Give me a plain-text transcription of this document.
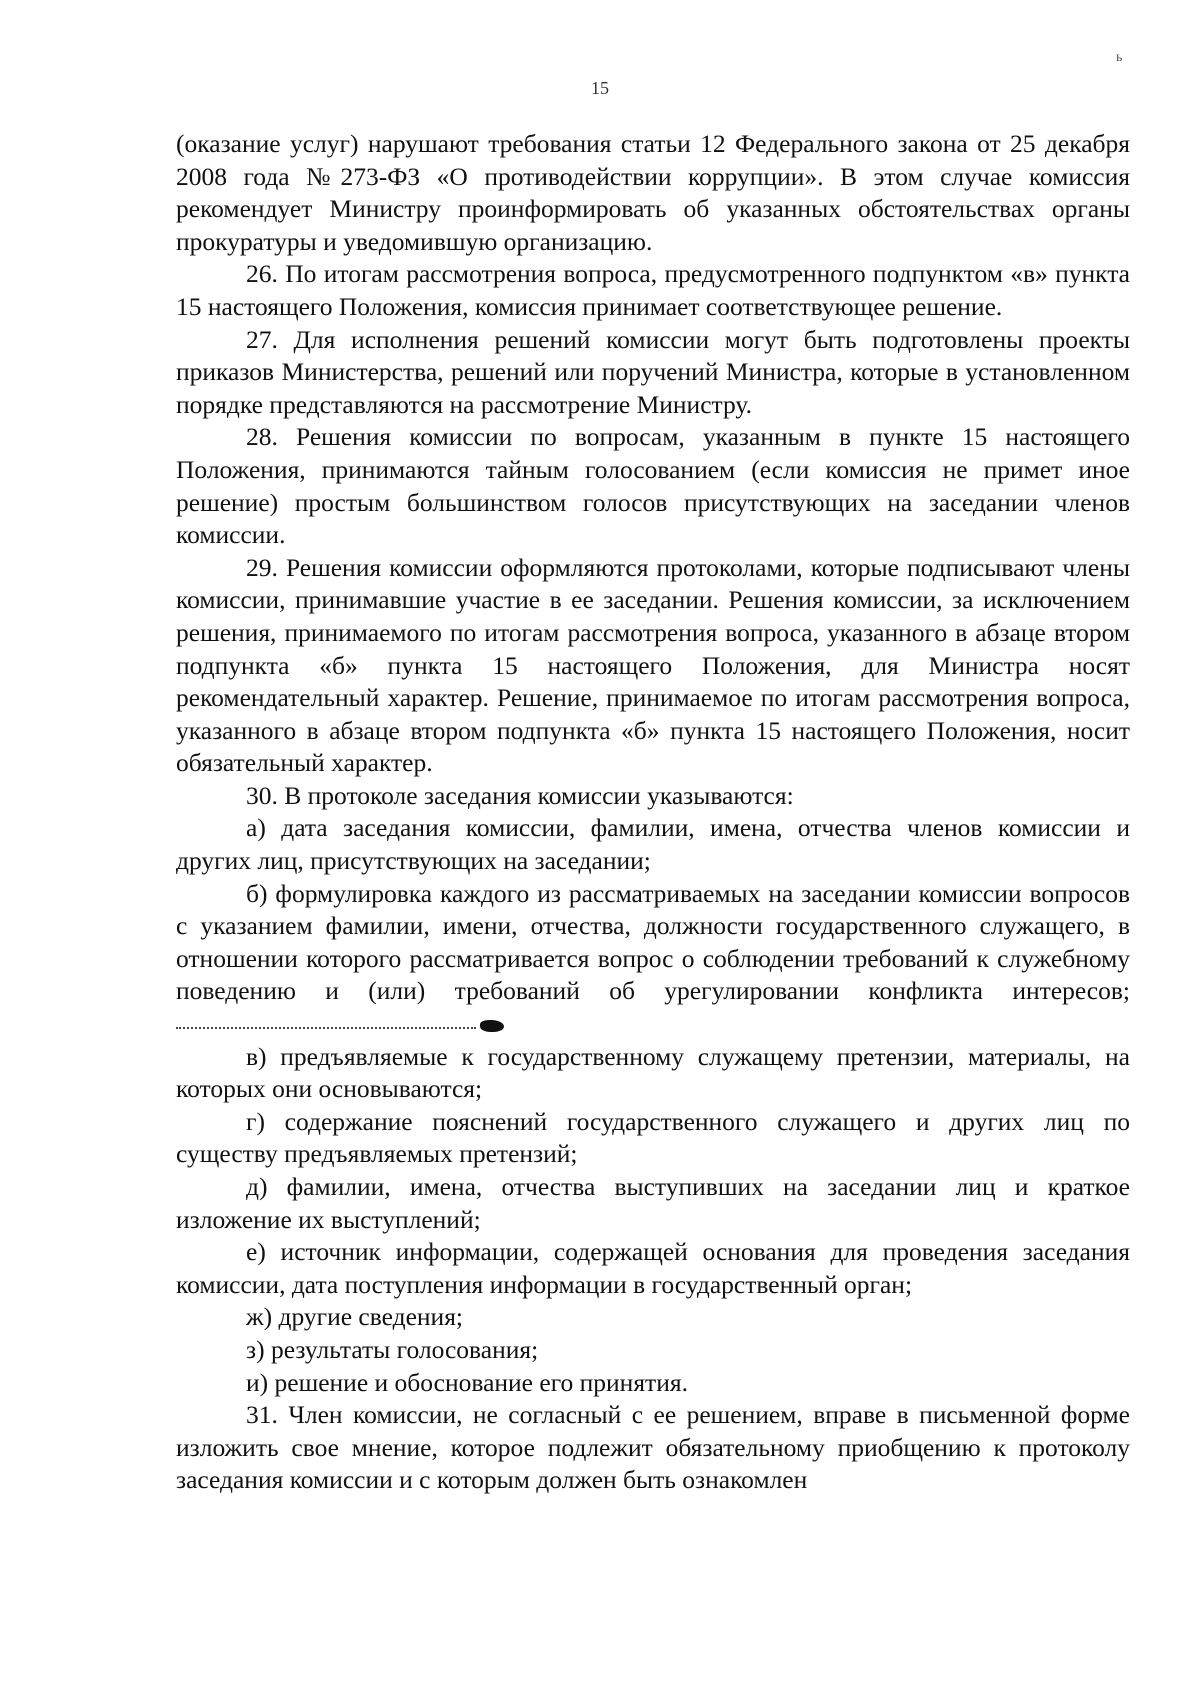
ь
15

(оказание услуг) нарушают требования статьи 12 Федерального закона от 25 декабря 2008 года №273-ФЗ «О противодействии коррупции». В этом случае комиссия рекомендует Министру проинформировать об указанных обстоятельствах органы прокуратуры и уведомившую организацию.

26. По итогам рассмотрения вопроса, предусмотренного подпунктом «в» пункта 15 настоящего Положения, комиссия принимает соответствующее решение.

27. Для исполнения решений комиссии могут быть подготовлены проекты приказов Министерства, решений или поручений Министра, которые в установленном порядке представляются на рассмотрение Министру.

28. Решения комиссии по вопросам, указанным в пункте 15 настоящего Положения, принимаются тайным голосованием (если комиссия не примет иное решение) простым большинством голосов присутствующих на заседании членов комиссии.

29. Решения комиссии оформляются протоколами, которые подписывают члены комиссии, принимавшие участие в ее заседании. Решения комиссии, за исключением решения, принимаемого по итогам рассмотрения вопроса, указанного в абзаце втором подпункта «б» пункта 15 настоящего Положения, для Министра носят рекомендательный характер. Решение, принимаемое по итогам рассмотрения вопроса, указанного в абзаце втором подпункта «б» пункта 15 настоящего Положения, носит обязательный характер.

30. В протоколе заседания комиссии указываются:

а) дата заседания комиссии, фамилии, имена, отчества членов комиссии и других лиц, присутствующих на заседании;

б) формулировка каждого из рассматриваемых на заседании комиссии вопросов с указанием фамилии, имени, отчества, должности государственного служащего, в отношении которого рассматривается вопрос о соблюдении требований к служебному поведению и (или) требований об урегулировании конфликта интересов;

в) предъявляемые к государственному служащему претензии, материалы, на которых они основываются;

г) содержание пояснений государственного служащего и других лиц по существу предъявляемых претензий;

д) фамилии, имена, отчества выступивших на заседании лиц и краткое изложение их выступлений;

е) источник информации, содержащей основания для проведения заседания комиссии, дата поступления информации в государственный орган;

ж) другие сведения;

з) результаты голосования;

и) решение и обоснование его принятия.

31. Член комиссии, не согласный с ее решением, вправе в письменной форме изложить свое мнение, которое подлежит обязательному приобщению к протоколу заседания комиссии и с которым должен быть ознакомлен
